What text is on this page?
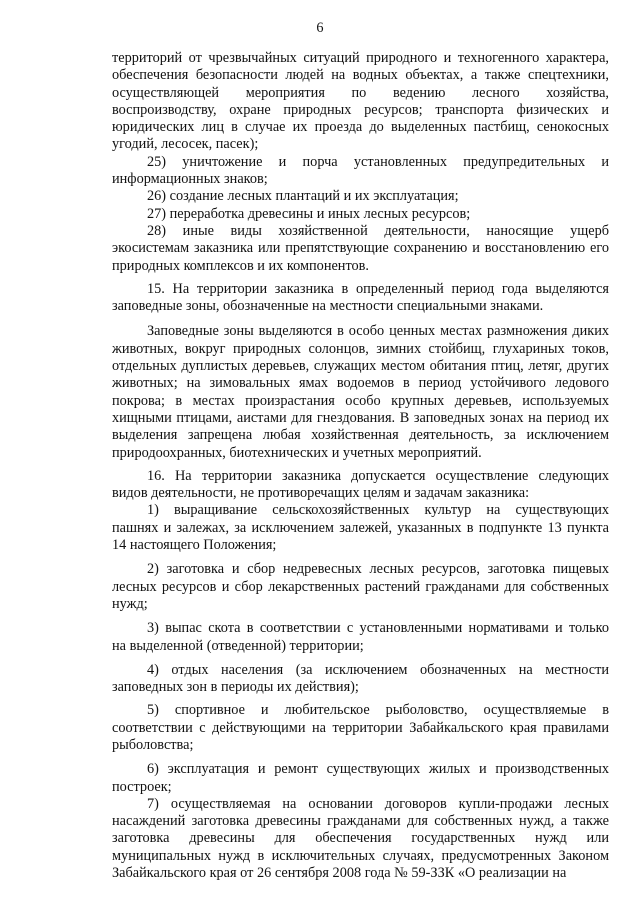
6
территорий от чрезвычайных ситуаций природного и техногенного характера,
обеспечения безопасности людей на водных объектах, а также спецтехники,
осуществляющей мероприятия по ведению лесного хозяйства,
воспроизводству, охране природных ресурсов; транспорта физических и
юридических лиц в случае их проезда до выделенных пастбищ, сенокосных
угодий, лесосек, пасек);
25) уничтожение и порча установленных предупредительных и
информационных знаков;
26) создание лесных плантаций и их эксплуатация;
27) переработка древесины и иных лесных ресурсов;
28) иные виды хозяйственной деятельности, наносящие ущерб
экосистемам заказника или препятствующие сохранению и восстановлению его
природных комплексов и их компонентов.
15. На территории заказника в определенный период года выделяются
заповедные зоны, обозначенные на местности специальными знаками.
Заповедные зоны выделяются в особо ценных местах размножения диких
животных, вокруг природных солонцов, зимних стойбищ, глухариных токов,
отдельных дуплистых деревьев, служащих местом обитания птиц, летяг, других
животных; на зимовальных ямах водоемов в период устойчивого ледового
покрова; в местах произрастания особо крупных деревьев, используемых
хищными птицами, аистами для гнездования. В заповедных зонах на период их
выделения запрещена любая хозяйственная деятельность, за исключением
природоохранных, биотехнических и учетных мероприятий.
16. На территории заказника допускается осуществление следующих
видов деятельности, не противоречащих целям и задачам заказника:
1) выращивание сельскохозяйственных культур на существующих
пашнях и залежах, за исключением залежей, указанных в подпункте 13 пункта
14 настоящего Положения;
2) заготовка и сбор недревесных лесных ресурсов, заготовка пищевых
лесных ресурсов и сбор лекарственных растений гражданами для собственных
нужд;
3) выпас скота в соответствии с установленными нормативами и только
на выделенной (отведенной) территории;
4) отдых населения (за исключением обозначенных на местности
заповедных зон в периоды их действия);
5) спортивное и любительское рыболовство, осуществляемые в
соответствии с действующими на территории Забайкальского края правилами
рыболовства;
6) эксплуатация и ремонт существующих жилых и производственных
построек;
7) осуществляемая на основании договоров купли-продажи лесных
насаждений заготовка древесины гражданами для собственных нужд, а также
заготовка древесины для обеспечения государственных нужд или
муниципальных нужд в исключительных случаях, предусмотренных Законом
Забайкальского края от 26 сентября 2008 года № 59-ЗЗК «О реализации на
